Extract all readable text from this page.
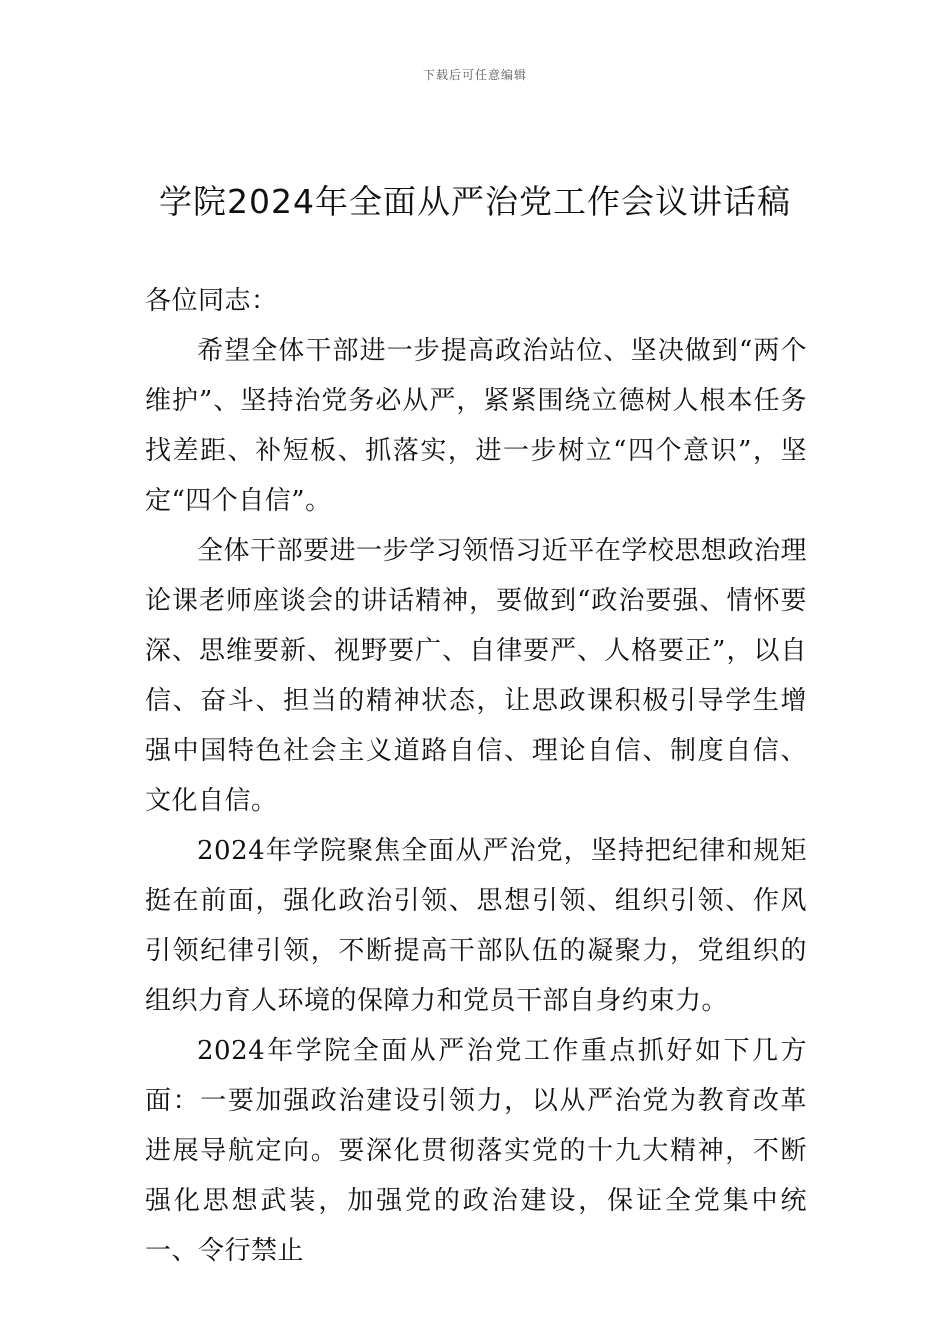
下载后可任意编辑
学院2024年全面从严治党工作会议讲话稿

各位同志：

希望全体干部进一步提高政治站位、坚决做到“两个维护”、坚持治党务必从严，紧紧围绕立德树人根本任务找差距、补短板、抓落实，进一步树立“四个意识”，坚定“四个自信”。

全体干部要进一步学习领悟习近平在学校思想政治理论课老师座谈会的讲话精神，要做到“政治要强、情怀要深、思维要新、视野要广、自律要严、人格要正”，以自信、奋斗、担当的精神状态，让思政课积极引导学生增强中国特色社会主义道路自信、理论自信、制度自信、文化自信。

2024年学院聚焦全面从严治党，坚持把纪律和规矩挺在前面，强化政治引领、思想引领、组织引领、作风引领纪律引领，不断提高干部队伍的凝聚力，党组织的组织力育人环境的保障力和党员干部自身约束力。

2024年学院全面从严治党工作重点抓好如下几方面：一要加强政治建设引领力，以从严治党为教育改革进展导航定向。要深化贯彻落实党的十九大精神，不断强化思想武装，加强党的政治建设，保证全党集中统一、令行禁止
